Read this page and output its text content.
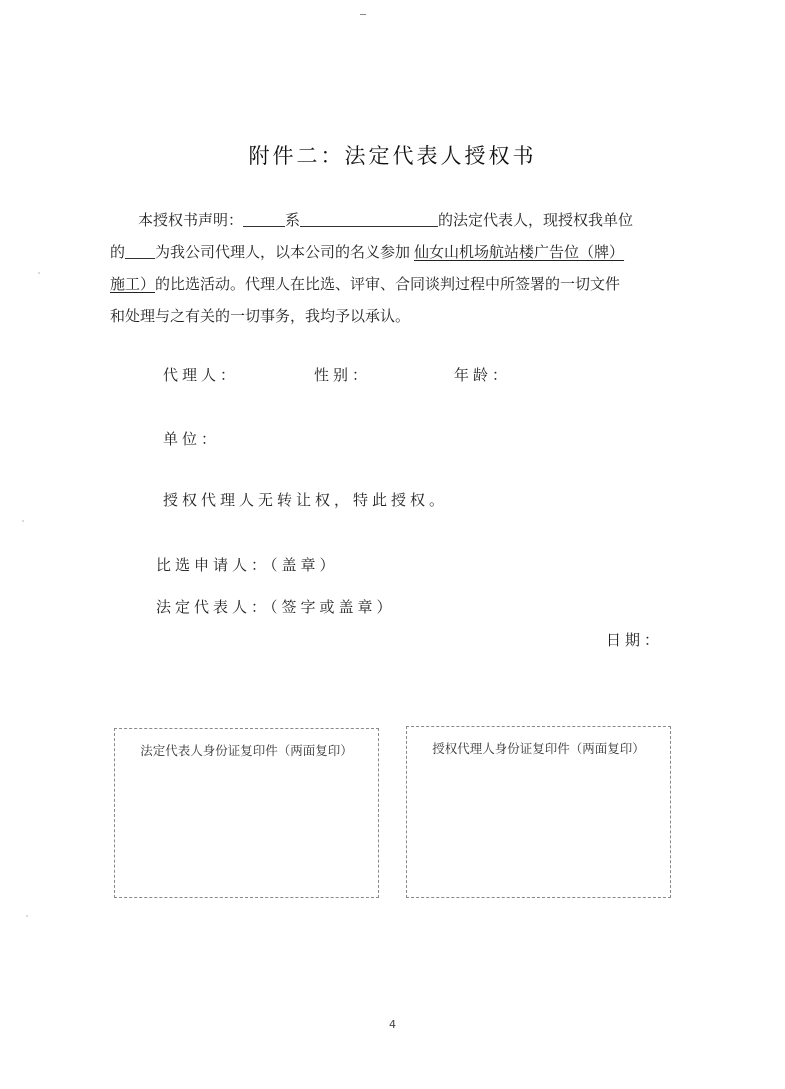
附件二：法定代表人授权书

本授权书声明：	系	的法定代表人，现授权我单位

的 为我公司代理人，以本公司的名义参加 仙女山机场航站楼广告位（牌）

施工）的比选活动。代理人在比选、评审、合同谈判过程中所签署的一切文件

和处理与之有关的一切事务，我均予以承认。

代理人：	性别：	年龄：
单位：
授权代理人无转让权，特此授权。
比选申请人：（盖章）
法定代表人：（签字或盖章）
日期：
法定代表人身份证复印件（两面复印）	授权代理人身份证复印件（两面复印）
4
